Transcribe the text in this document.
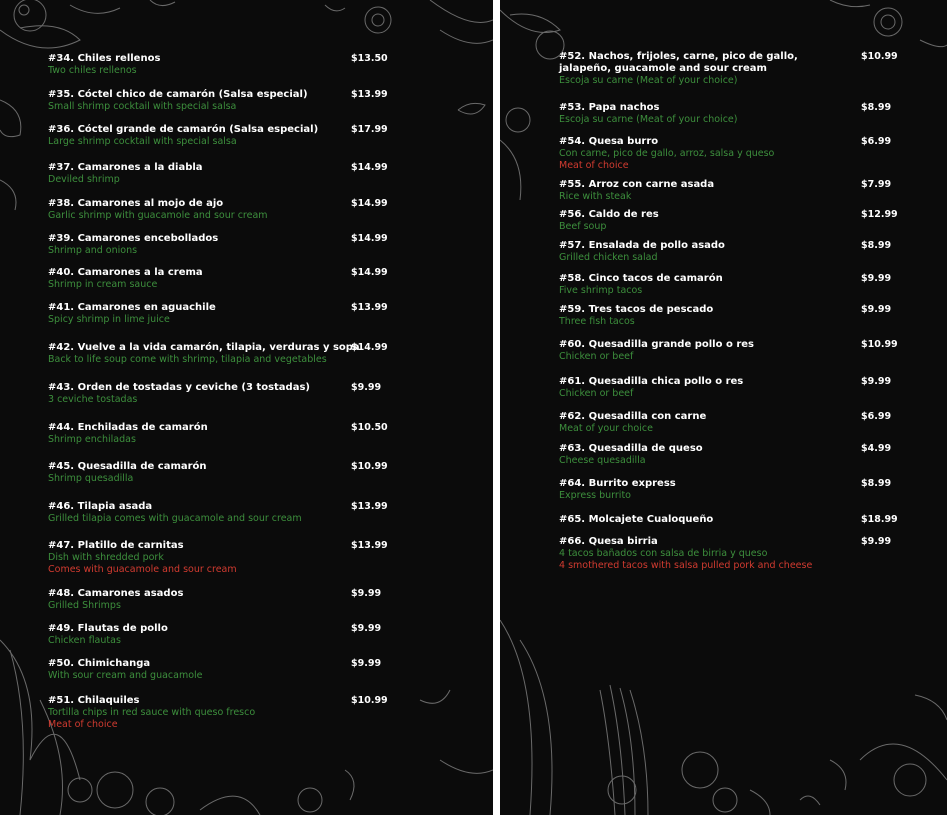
#34. Chiles rellenos
Two chiles rellenos
$13.50
#35. Cóctel chico de camarón (Salsa especial)
Small shrimp cocktail with special salsa
$13.99
#36. Cóctel grande de camarón (Salsa especial)
Large shrimp cocktail with special salsa
$17.99
#37. Camarones a la diabla
Deviled shrimp
$14.99
#38. Camarones al mojo de ajo
Garlic shrimp with guacamole and sour cream
$14.99
#39. Camarones encebollados
Shrimp and onions
$14.99
#40. Camarones a la crema
Shrimp in cream sauce
$14.99
#41. Camarones en aguachile
Spicy shrimp in lime juice
$13.99
#42. Vuelve a la vida camarón, tilapia, verduras y sopa
Back to life soup come with shrimp, tilapia and vegetables
$14.99
#43. Orden de tostadas y ceviche (3 tostadas)
3 ceviche tostadas
$9.99
#44. Enchiladas de camarón
Shrimp enchiladas
$10.50
#45. Quesadilla de camarón
Shrimp quesadilla
$10.99
#46. Tilapia asada
Grilled tilapia comes with guacamole and sour cream
$13.99
#47. Platillo de carnitas
Dish with shredded pork
Comes with guacamole and sour cream
$13.99
#48. Camarones asados
Grilled Shrimps
$9.99
#49. Flautas de pollo
Chicken flautas
$9.99
#50. Chimichanga
With sour cream and guacamole
$9.99
#51. Chilaquiles
Tortilla chips in red sauce with queso fresco
Meat of choice
$10.99
#52. Nachos, frijoles, carne, pico de gallo, jalapeño, guacamole and sour cream
Escoja su carne (Meat of your choice)
$10.99
#53. Papa nachos
Escoja su carne (Meat of your choice)
$8.99
#54. Quesa burro
Con carne, pico de gallo, arroz, salsa y queso
Meat of choice
$6.99
#55. Arroz con carne asada
Rice with steak
$7.99
#56. Caldo de res
Beef soup
$12.99
#57. Ensalada de pollo asado
Grilled chicken salad
$8.99
#58. Cinco tacos de camarón
Five shrimp tacos
$9.99
#59. Tres tacos de pescado
Three fish tacos
$9.99
#60. Quesadilla grande pollo o res
Chicken or beef
$10.99
#61. Quesadilla chica pollo o res
Chicken or beef
$9.99
#62. Quesadilla con carne
Meat of your choice
$6.99
#63. Quesadilla de queso
Cheese quesadilla
$4.99
#64. Burrito express
Express burrito
$8.99
#65. Molcajete Cualoqueño	$18.99
#66. Quesa birria
4 tacos bañados con salsa de birria y queso
4 smothered tacos with salsa pulled pork and cheese
$9.99
